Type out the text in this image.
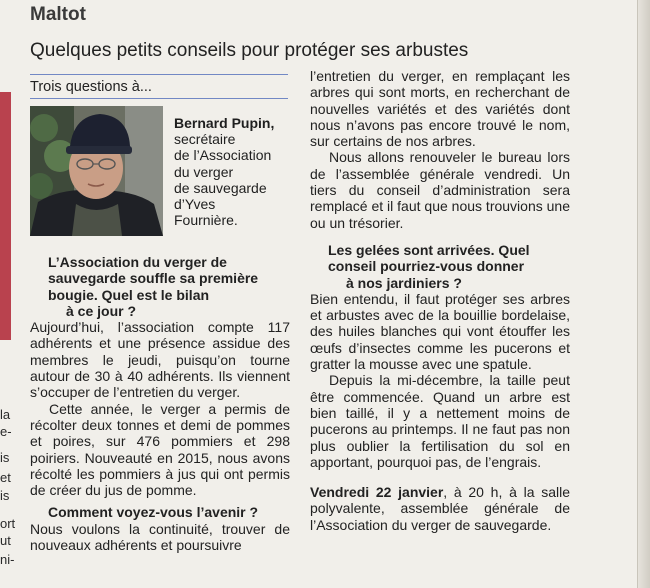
la
e-
is
et
is
ort
ut
ni-
Maltot
Quelques petits conseils pour protéger ses arbustes
Trois questions à...
Bernard Pupin,
secrétaire
de l’Association
du verger
de sauvegarde
d’Yves
Fournière.

L’Association du verger de
sauvegarde souffle sa première
bougie. Quel est le bilan
à ce jour ?

Aujourd’hui, l’association compte 117 adhérents et une présence assidue des membres le jeudi, puisqu’on tourne autour de 30 à 40 adhérents. Ils viennent s’occuper de l’entretien du verger.

Cette année, le verger a permis de récolter deux tonnes et demi de pommes et poires, sur 476 pommiers et 298 poiriers. Nouveauté en 2015, nous avons récolté les pommiers à jus qui ont permis de créer du jus de pomme.

Comment voyez-vous l’avenir ?

Nous voulons la continuité, trouver de nouveaux adhérents et poursuivre

l’entretien du verger, en remplaçant les arbres qui sont morts, en recherchant de nouvelles variétés et des variétés dont nous n’avons pas encore trouvé le nom, sur certains de nos arbres.

Nous allons renouveler le bureau lors de l’assemblée générale vendredi. Un tiers du conseil d’administration sera remplacé et il faut que nous trouvions une ou un trésorier.

Les gelées sont arrivées. Quel
conseil pourriez-vous donner
à nos jardiniers ?

Bien entendu, il faut protéger ses arbres et arbustes avec de la bouillie bordelaise, des huiles blanches qui vont étouffer les œufs d’insectes comme les pucerons et gratter la mousse avec une spatule.

Depuis la mi-décembre, la taille peut être commencée. Quand un arbre est bien taillé, il y a nettement moins de pucerons au printemps. Il ne faut pas non plus oublier la fertilisation du sol en apportant, pourquoi pas, de l’engrais.

Vendredi 22 janvier, à 20 h, à la salle polyvalente, assemblée générale de l’Association du verger de sauvegarde.
